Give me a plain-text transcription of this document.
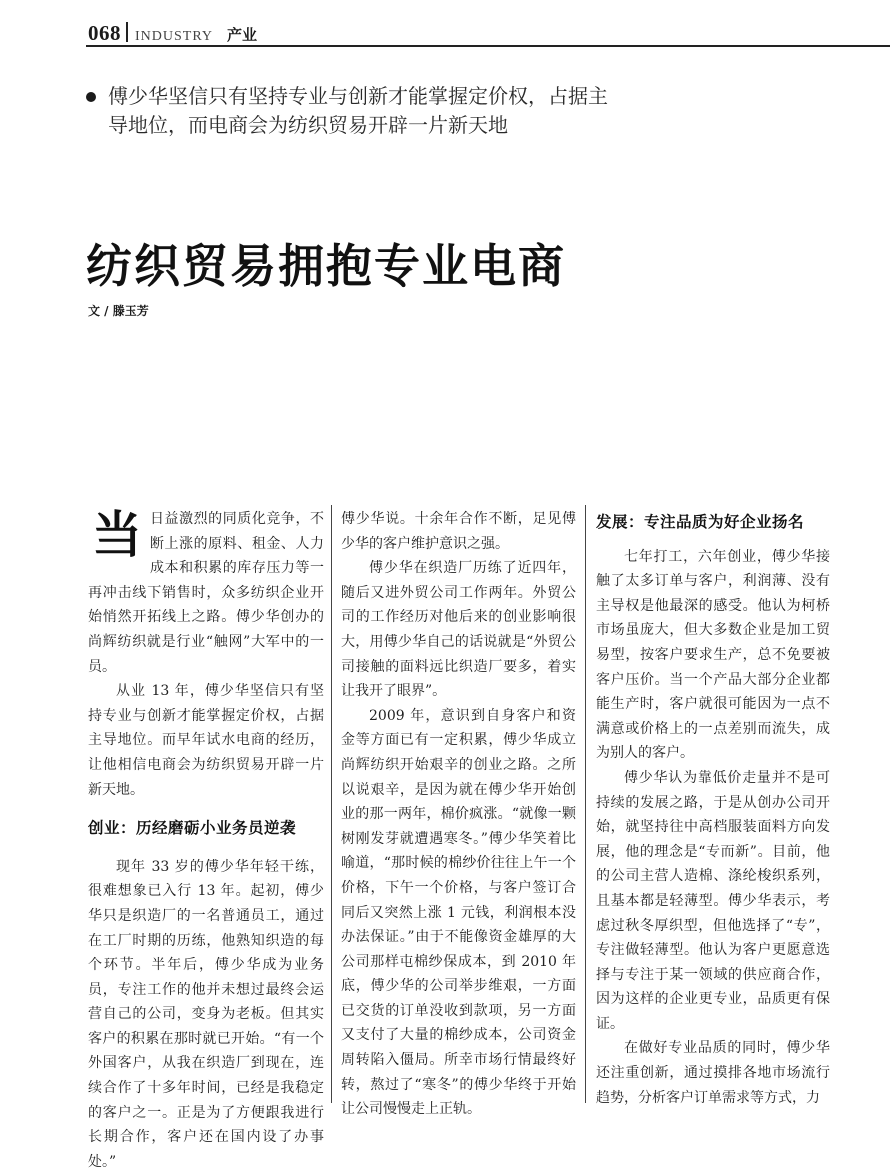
068 INDUSTRY 产业
傅少华坚信只有坚持专业与创新才能掌握定价权，占据主导地位，而电商会为纺织贸易开辟一片新天地
纺织贸易拥抱专业电商
文 / 滕玉芳
当 日益激烈的同质化竞争，不断上涨的原料、租金、人力成本和积累的库存压力等一再冲击线下销售时，众多纺织企业开始悄然开拓线上之路。傅少华创办的尚辉纺织就是行业“触网”大军中的一员。

从业 13 年，傅少华坚信只有坚持专业与创新才能掌握定价权，占据主导地位。而早年试水电商的经历，让他相信电商会为纺织贸易开辟一片新天地。

创业：历经磨砺小业务员逆袭

现年 33 岁的傅少华年轻干练，很难想象已入行 13 年。起初，傅少华只是织造厂的一名普通员工，通过在工厂时期的历练，他熟知织造的每个环节。半年后，傅少华成为业务员，专注工作的他并未想过最终会运营自己的公司，变身为老板。但其实客户的积累在那时就已开始。“有一个外国客户，从我在织造厂到现在，连续合作了十多年时间，已经是我稳定的客户之一。正是为了方便跟我进行长期合作，客户还在国内设了办事处。”

傅少华说。十余年合作不断，足见傅少华的客户维护意识之强。

傅少华在织造厂历练了近四年，随后又进外贸公司工作两年。外贸公司的工作经历对他后来的创业影响很大，用傅少华自己的话说就是“外贸公司接触的面料远比织造厂要多，着实让我开了眼界”。

2009 年，意识到自身客户和资金等方面已有一定积累，傅少华成立尚辉纺织开始艰辛的创业之路。之所以说艰辛，是因为就在傅少华开始创业的那一两年，棉价疯涨。“就像一颗树刚发芽就遭遇寒冬。”傅少华笑着比喻道，“那时候的棉纱价往往上午一个价格，下午一个价格，与客户签订合同后又突然上涨 1 元钱，利润根本没办法保证。”由于不能像资金雄厚的大公司那样屯棉纱保成本，到 2010 年底，傅少华的公司举步维艰，一方面已交货的订单没收到款项，另一方面又支付了大量的棉纱成本，公司资金周转陷入僵局。所幸市场行情最终好转，熬过了“寒冬”的傅少华终于开始让公司慢慢走上正轨。

发展：专注品质为好企业扬名

七年打工，六年创业，傅少华接触了太多订单与客户，利润薄、没有主导权是他最深的感受。他认为柯桥市场虽庞大，但大多数企业是加工贸易型，按客户要求生产，总不免要被客户压价。当一个产品大部分企业都能生产时，客户就很可能因为一点不满意或价格上的一点差别而流失，成为别人的客户。

傅少华认为靠低价走量并不是可持续的发展之路，于是从创办公司开始，就坚持往中高档服装面料方向发展，他的理念是“专而新”。目前，他的公司主营人造棉、涤纶梭织系列，且基本都是轻薄型。傅少华表示，考虑过秋冬厚织型，但他选择了“专”，专注做轻薄型。他认为客户更愿意选择与专注于某一领域的供应商合作，因为这样的企业更专业，品质更有保证。

在做好专业品质的同时，傅少华还注重创新，通过摸排各地市场流行趋势，分析客户订单需求等方式，力
